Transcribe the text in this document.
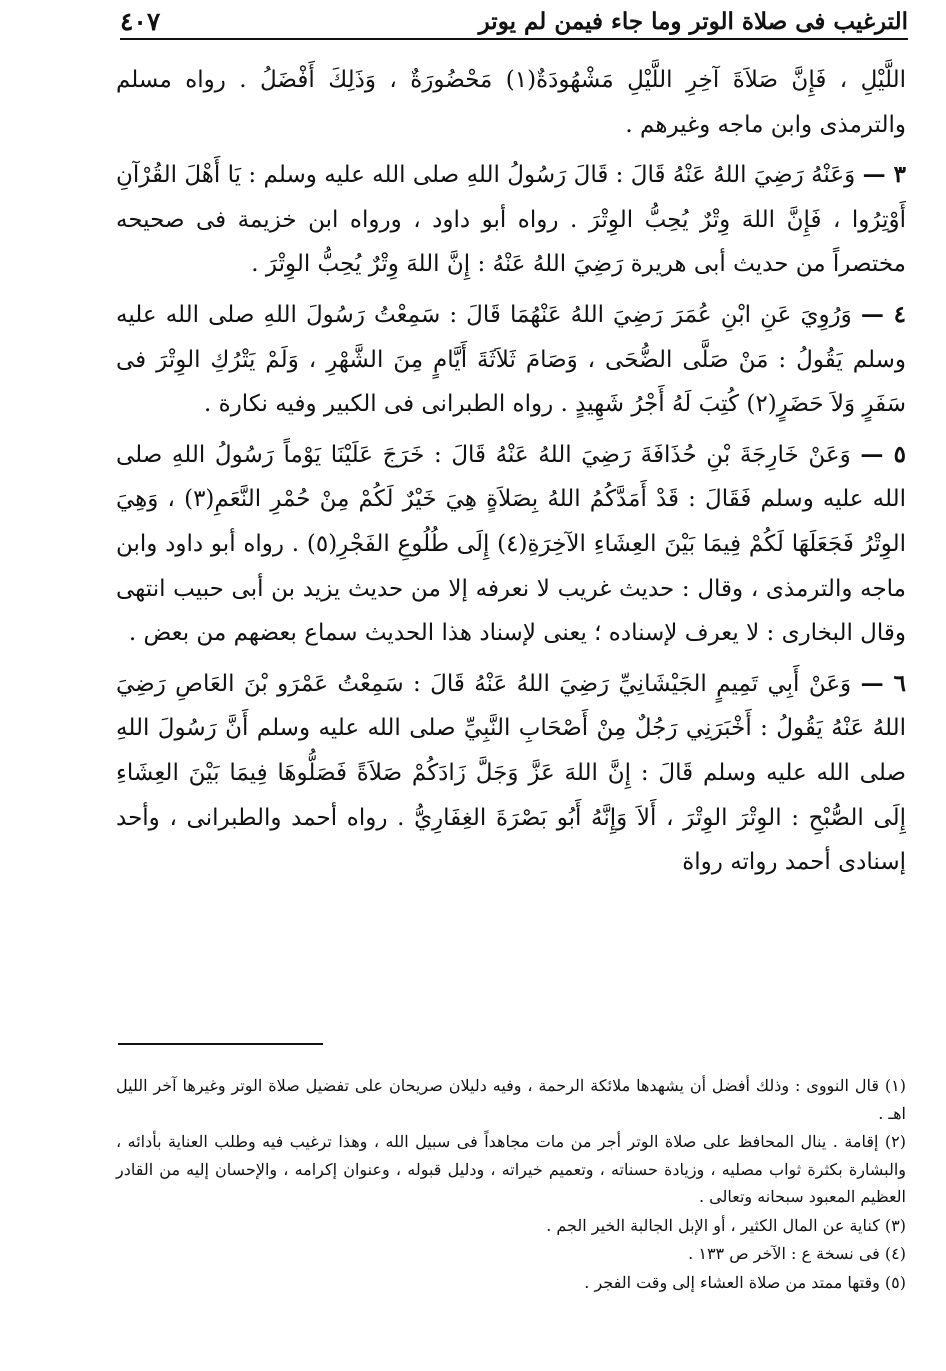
الترغيب فى صلاة الوتر وما جاء فيمن لم يوتر
٤٠٧

اللَّيْلِ ، فَإِنَّ صَلاَةَ آخِرِ اللَّيْلِ مَشْهُودَةٌ(١) مَحْضُورَةٌ ، وَذَلِكَ أَفْضَلُ . رواه مسلم والترمذى وابن ماجه وغيرهم .

٣ — وَعَنْهُ رَضِيَ اللهُ عَنْهُ قَالَ : قَالَ رَسُولُ اللهِ صلى الله عليه وسلم : يَا أَهْلَ القُرْآنِ أَوْتِرُوا ، فَإِنَّ اللهَ وِتْرٌ يُحِبُّ الوِتْرَ . رواه أبو داود ، ورواه ابن خزيمة فى صحيحه مختصراً من حديث أبى هريرة رَضِيَ اللهُ عَنْهُ : إِنَّ اللهَ وِتْرٌ يُحِبُّ الوِتْرَ .

٤ — وَرُوِيَ عَنِ ابْنِ عُمَرَ رَضِيَ اللهُ عَنْهُمَا قَالَ : سَمِعْتُ رَسُولَ اللهِ صلى الله عليه وسلم يَقُولُ : مَنْ صَلَّى الضُّحَى ، وَصَامَ ثَلاَثَةَ أَيَّامٍ مِنَ الشَّهْرِ ، وَلَمْ يَتْرُكِ الوِتْرَ فى سَفَرٍ وَلاَ حَضَرٍ(٢) كُتِبَ لَهُ أَجْرُ شَهِيدٍ . رواه الطبرانى فى الكبير وفيه نكارة .

٥ — وَعَنْ خَارِجَةَ بْنِ حُذَافَةَ رَضِيَ اللهُ عَنْهُ قَالَ : خَرَجَ عَلَيْنَا يَوْماً رَسُولُ اللهِ صلى الله عليه وسلم فَقَالَ : قَدْ أَمَدَّكُمُ اللهُ بِصَلاَةٍ هِيَ خَيْرٌ لَكُمْ مِنْ حُمْرِ النَّعَمِ(٣) ، وَهِيَ الوِتْرُ فَجَعَلَهَا لَكُمْ فِيمَا بَيْنَ العِشَاءِ الآخِرَةِ(٤) إِلَى طُلُوعِ الفَجْرِ(٥) . رواه أبو داود وابن ماجه والترمذى ، وقال : حديث غريب لا نعرفه إلا من حديث يزيد بن أبى حبيب انتهى وقال البخارى : لا يعرف لإسناده ؛ يعنى لإسناد هذا الحديث سماع بعضهم من بعض .

٦ — وَعَنْ أَبِي تَمِيمٍ الجَيْشَانِيِّ رَضِيَ اللهُ عَنْهُ قَالَ : سَمِعْتُ عَمْرَو بْنَ العَاصِ رَضِيَ اللهُ عَنْهُ يَقُولُ : أَخْبَرَنِي رَجُلٌ مِنْ أَصْحَابِ النَّبِيِّ صلى الله عليه وسلم أَنَّ رَسُولَ اللهِ صلى الله عليه وسلم قَالَ : إِنَّ اللهَ عَزَّ وَجَلَّ زَادَكُمْ صَلاَةً فَصَلُّوهَا فِيمَا بَيْنَ العِشَاءِ إِلَى الصُّبْحِ : الوِتْرَ الوِتْرَ ، أَلاَ وَإِنَّهُ أَبُو بَصْرَةَ الغِفَارِيُّ . رواه أحمد والطبرانى ، وأحد إسنادى أحمد رواته رواة

(١) قال النووى : وذلك أفضل أن يشهدها ملائكة الرحمة ، وفيه دليلان صريحان على تفضيل صلاة الوتر وغيرها آخر الليل اهـ .

(٢) إقامة . ينال المحافظ على صلاة الوتر أجر من مات مجاهداً فى سبيل الله ، وهذا ترغيب فيه وطلب العناية بأدائه ، والبشارة بكثرة ثواب مصليه ، وزيادة حسناته ، وتعميم خيراته ، ودليل قبوله ، وعنوان إكرامه ، والإحسان إليه من القادر العظيم المعبود سبحانه وتعالى .

(٣) كناية عن المال الكثير ، أو الإبل الجالبة الخير الجم .

(٤) فى نسخة ع : الآخر ص ١٣٣ .

(٥) وقتها ممتد من صلاة العشاء إلى وقت الفجر .
